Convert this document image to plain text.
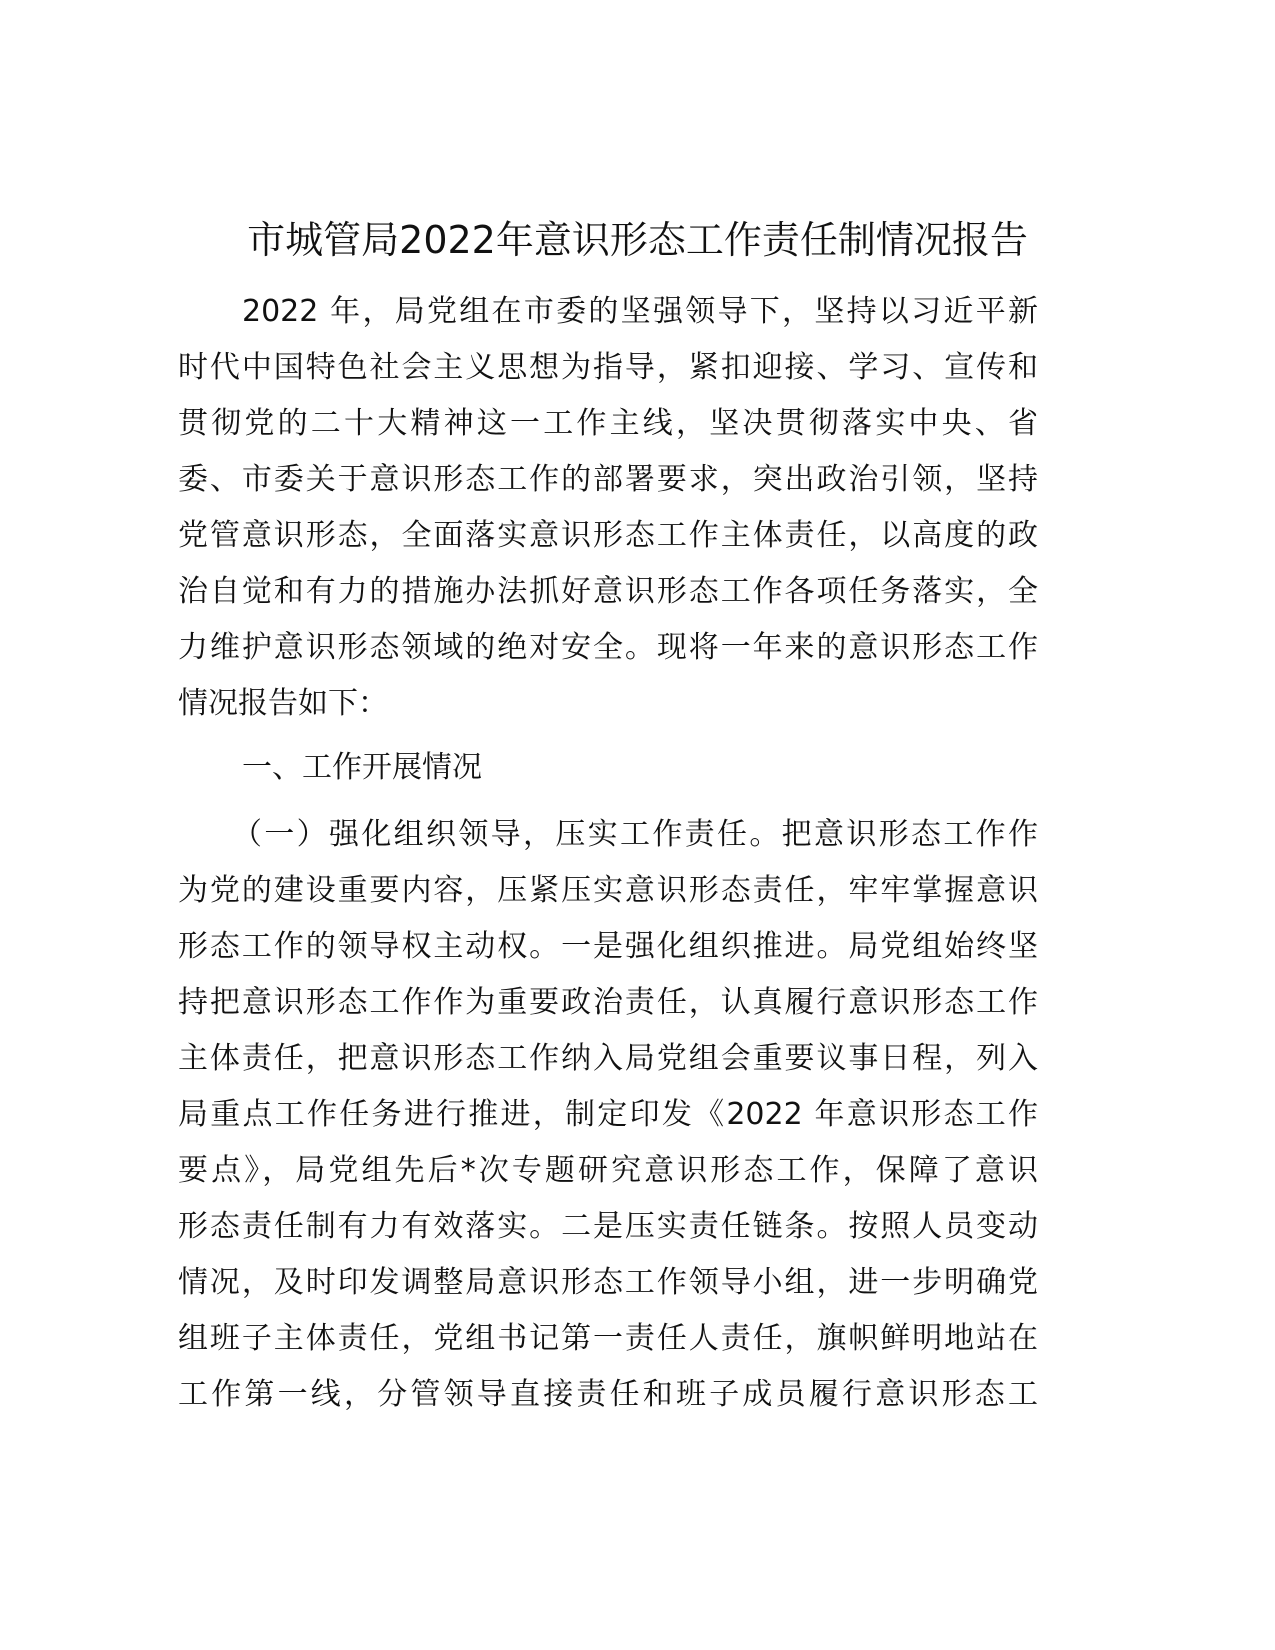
市城管局2022年意识形态工作责任制情况报告
2022 年，局党组在市委的坚强领导下，坚持以习近平新
时代中国特色社会主义思想为指导，紧扣迎接、学习、宣传和
贯彻党的二十大精神这一工作主线，坚决贯彻落实中央、省
委、市委关于意识形态工作的部署要求，突出政治引领，坚持
党管意识形态，全面落实意识形态工作主体责任，以高度的政
治自觉和有力的措施办法抓好意识形态工作各项任务落实，全
力维护意识形态领域的绝对安全。现将一年来的意识形态工作
情况报告如下：
一、工作开展情况
（一）强化组织领导，压实工作责任。把意识形态工作作
为党的建设重要内容，压紧压实意识形态责任，牢牢掌握意识
形态工作的领导权主动权。一是强化组织推进。局党组始终坚
持把意识形态工作作为重要政治责任，认真履行意识形态工作
主体责任，把意识形态工作纳入局党组会重要议事日程，列入
局重点工作任务进行推进，制定印发《2022 年意识形态工作
要点》，局党组先后*次专题研究意识形态工作，保障了意识
形态责任制有力有效落实。二是压实责任链条。按照人员变动
情况，及时印发调整局意识形态工作领导小组，进一步明确党
组班子主体责任，党组书记第一责任人责任，旗帜鲜明地站在
工作第一线，分管领导直接责任和班子成员履行意识形态工
